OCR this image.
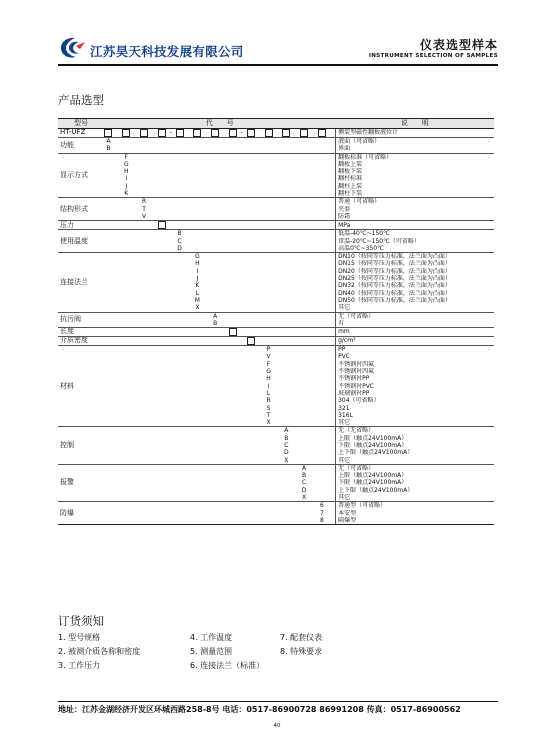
江苏昊天科技发展有限公司	仪表选型样本
INSTRUMENT SELECTION OF SAMPLES
产品选型
型号	代　　号																										说　　明
HT-UFZ								-								-											侧装型磁性翻板液位计
功能	A																										液面（可省略）
	B																										界面
显示方式			F																								翻板标准（可省略）
			G																								翻板上装
			H																								翻板下装
			I																								翻柱标准
			J																								翻柱上装
			K																								翻柱下装
结构形式					R																						普通（可省略）
					T																						夹套
					V																						防霜
压力																											MPa
使用温度									B																		低温-40℃~150℃
									C																		常温-20℃~150℃（可省略）
									D																		高温0℃~350℃
连接法兰											G																DN10（按同等压力标准，法兰面为凸面）
											H																DN15（按同等压力标准，法兰面为凸面）
											I																DN20（按同等压力标准，法兰面为凸面）
											J																DN25（按同等压力标准，法兰面为凸面）
											K																DN32（按同等压力标准，法兰面为凸面）
											L																DN40（按同等压力标准，法兰面为凸面）
											M																DN50（按同等压力标准，法兰面为凸面）
											X																其它
抗污阀													A														无（可省略）
													B														有
长度																											mm
介质密度																											g/cm³
材料																			P								PP
																			V								PVC
																			F								不锈钢衬四氟
																			G								不锈钢衬四氟
																			H								不锈钢衬PP
																			I								不锈钢衬PVC
																			L								玻璃钢衬PP
																			R								304（可省略）
																			S								321
																			T								316L
																			X								其它
控制																					A						无（无省略）
																					B						上限（触点24V100mA）
																					C						下限（触点24V100mA）
																					D						上下限（触点24V100mA）
																					X						其它
报警																							A				无（可省略）
																							B				上限（触点24V100mA）
																							C				下限（触点24V100mA）
																							D				上下限（触点24V100mA）
																							X				其它
防爆																									6		普通型（可省略）
																									7		本安型
																									8		隔爆型
订货须知
1. 型号规格	4. 工作温度	7. 配套仪表
2. 被测介质各称和密度	5. 测量范围	8. 特殊要求
3. 工作压力	6. 连接法兰（标准）
地址：江苏金湖经济开发区环城西路258-8号 电话：0517-86900728 86991208 传真：0517-86900562
40
